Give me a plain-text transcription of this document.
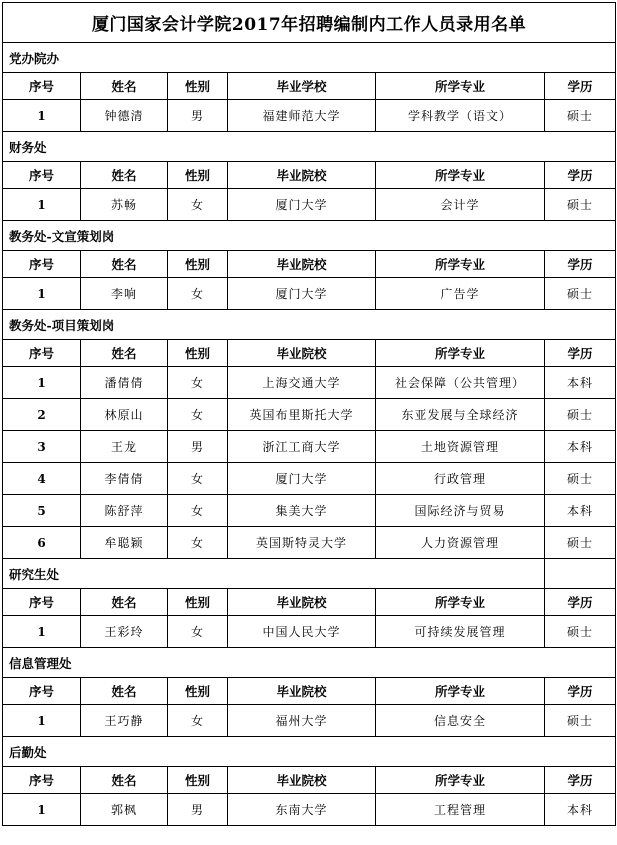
厦门国家会计学院2017年招聘编制内工作人员录用名单					
党办院办					
序号	姓名	性别	毕业学校	所学专业	学历
1	钟德清	男	福建师范大学	学科教学（语文）	硕士
财务处					
序号	姓名	性别	毕业院校	所学专业	学历
1	苏畅	女	厦门大学	会计学	硕士
教务处-文宣策划岗					
序号	姓名	性别	毕业院校	所学专业	学历
1	李响	女	厦门大学	广告学	硕士
教务处-项目策划岗					
序号	姓名	性别	毕业院校	所学专业	学历
1	潘倩倩	女	上海交通大学	社会保障（公共管理）	本科
2	林原山	女	英国布里斯托大学	东亚发展与全球经济	硕士
3	王龙	男	浙江工商大学	土地资源管理	本科
4	李倩倩	女	厦门大学	行政管理	硕士
5	陈舒萍	女	集美大学	国际经济与贸易	本科
6	牟聪颖	女	英国斯特灵大学	人力资源管理	硕士
研究生处					
序号	姓名	性别	毕业院校	所学专业	学历
1	王彩玲	女	中国人民大学	可持续发展管理	硕士
信息管理处					
序号	姓名	性别	毕业院校	所学专业	学历
1	王巧静	女	福州大学	信息安全	硕士
后勤处					
序号	姓名	性别	毕业院校	所学专业	学历
1	郭枫	男	东南大学	工程管理	本科
